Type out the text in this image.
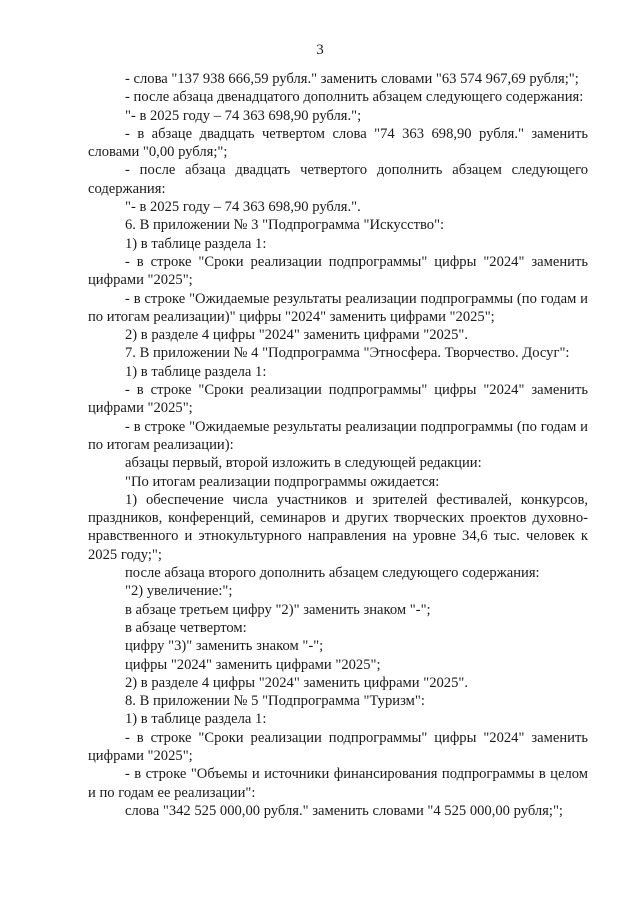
3

- слова "137 938 666,59 рубля." заменить словами "63 574 967,69 рубля;";

- после абзаца двенадцатого дополнить абзацем следующего содержания:

"- в 2025 году – 74 363 698,90 рубля.";

- в абзаце двадцать четвертом слова "74 363 698,90 рубля." заменить словами "0,00 рубля;";

- после абзаца двадцать четвертого дополнить абзацем следующего содержания:

"- в 2025 году – 74 363 698,90 рубля.".

6. В приложении № 3 "Подпрограмма "Искусство":

1) в таблице раздела 1:

- в строке "Сроки реализации подпрограммы" цифры "2024" заменить цифрами "2025";

- в строке "Ожидаемые результаты реализации подпрограммы (по годам и по итогам реализации)" цифры "2024" заменить цифрами "2025";

2) в разделе 4 цифры "2024" заменить цифрами "2025".

7. В приложении № 4 "Подпрограмма "Этносфера. Творчество. Досуг":

1) в таблице раздела 1:

- в строке "Сроки реализации подпрограммы" цифры "2024" заменить цифрами "2025";

- в строке "Ожидаемые результаты реализации подпрограммы (по годам и по итогам реализации):

абзацы первый, второй изложить в следующей редакции:

"По итогам реализации подпрограммы ожидается:

1) обеспечение числа участников и зрителей фестивалей, конкурсов, праздников, конференций, семинаров и других творческих проектов духовно-нравственного и этнокультурного направления на уровне 34,6 тыс. человек к 2025 году;";

после абзаца второго дополнить абзацем следующего содержания:

"2) увеличение:";

в абзаце третьем цифру "2)" заменить знаком "-";

в абзаце четвертом:

цифру "3)" заменить знаком "-";

цифры "2024" заменить цифрами "2025";

2) в разделе 4 цифры "2024" заменить цифрами "2025".

8. В приложении № 5 "Подпрограмма "Туризм":

1) в таблице раздела 1:

- в строке "Сроки реализации подпрограммы" цифры "2024" заменить цифрами "2025";

- в строке "Объемы и источники финансирования подпрограммы в целом и по годам ее реализации":

слова "342 525 000,00 рубля." заменить словами "4 525 000,00 рубля;";
